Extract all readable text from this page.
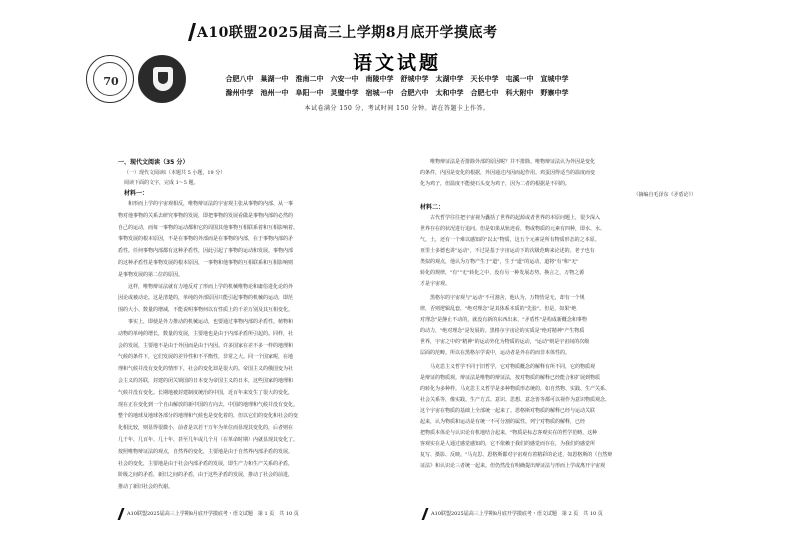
70
A10联盟2025届高三上学期8月底开学摸底考
语文试题
合肥八中　巢湖一中　淮南二中　六安一中　南陵中学　舒城中学　太湖中学　天长中学　屯溪一中　宣城中学
滁州中学　池州一中　阜阳一中　灵璧中学　宿城一中　合肥六中　太和中学　合肥七中　科大附中　野寨中学
本试卷满分 150 分，考试时间 150 分钟。请在答题卡上作答。
一、现代文阅读（35 分）
（一）现代文阅读Ⅰ（本题共 5 小题，19 分）
阅读下面的文字，完成 1～5 题。
材料一：
和形而上学的宇宙观相反，唯物辩证法的宇宙观主张从事物的内部、从一事
物对他事物的关系去研究事物的发展，即把事物的发展看做是事物内部的必然的
自己的运动，而每一事物的运动都和它的周围其他事物互相联系着和互相影响着。
事物发展的根本原因，不是在事物的外部而是在事物的内部，在于事物内部的矛
盾性。任何事物内部都有这种矛盾性，因此引起了事物的运动和发展。事物内部
的这种矛盾性是事物发展的根本原因，一事物和他事物的互相联系和互相影响则
是事物发展的第二位的原因。
这样，唯物辩证法就有力地反对了形而上学的机械唯物论和庸俗进化论的外
因论或被动论。这是清楚的，单纯的外部原因只能引起事物的机械的运动，即范
围的大小、数量的增减，不能说明事物何以有性质上的千差万别及其互相变化。
事实上，即使是外力推动的机械运动，也要通过事物内部的矛盾性。植物和
动物的单纯的增长，数量的发展，主要地也是由于内部矛盾所引起的。同样，社
会的发展，主要地不是由于外因而是由于内因。许多国家在差不多一样的地理和
气候的条件下，它们发展的差异性和不平衡性，非常之大。同一个国家呢，在地
理和气候并没有变化的情形下，社会的变化却是很大的。帝国主义的俄国变为社
会主义的苏联，封建的闭关锁国的日本变为帝国主义的日本，这些国家的地理和
气候并没有变化。长期地被封建制度统治的中国，近百年来发生了很大的变化，
现在正在变化到一个自由解放的新中国的方向去，中国的地理和气候并没有变化。
整个的地球及地球各部分的地理和气候也是变化着的，但以它们的变化和社会的变
化相比较，则显得很微小，前者是以若干万年为单位而显现其变化的，后者则在
几千年、几百年、几十年、甚至几年或几个月（在革命时期）内就显现其变化了。
按照唯物辩证法的观点，自然界的变化，主要地是由于自然界内部矛盾的发展。
社会的变化，主要地是由于社会内部矛盾的发展，即生产力和生产关系的矛盾，
阶级之间的矛盾，新旧之间的矛盾，由于这些矛盾的发展，推动了社会的前进，
推动了新旧社会的代谢。
唯物辩证法是否排除外部的原因呢？并不排除。唯物辩证法认为外因是变化
的条件，内因是变化的根据，外因通过内因而起作用。鸡蛋因得适当的温度而变
化为鸡子，但温度不能使石头变为鸡子，因为二者的根据是不同的。
（摘编自毛泽东《矛盾论》）
材料二：
古代哲学往往把宇宙视为囊括了世界的起源或者世界的本原问题上，很少深入
世界存在的状况进行追问。但是如果从轨迹看，物或物质的元素有四种，即水、水、
气、土，还有一个难以感知的"以太"物质，这五个元素是所有物质形态的之本原。
亚里士多德也讲"运动"，不过是基于宇宙运动下的次级范畴来论述的。老子也有
类似的观点，他认为万物产生于"道"，生于"道"的运动，道将"有"和"无"
转化的规律，"有""无"转化之中，没有另一种发展态势。换言之，万物之源
才是宇宙观。
黑格尔的宇宙观与"运动"不可割舍，他认为，万物皆是无，却有一个规
律，否则逻辑乱套，"绝对理念"是其体系本质的"先验"。但是，如果"绝
对理念"是静止不动的，就没有新的东西出来，"矛盾性"是构成新概念和事物
的动力，"绝对理念"是发展的。黑格尔宇宙论的实质是"绝对精神"产生物质
世界，宇宙之中的"精神"的运动外化为物质的运动，"运动"则是宇宙间的次级
层面的范畴。所以在黑格尔学说中，运动者是外在的而非本体性的。
马克思主义哲学不同于旧哲学，它对物质概念的解释有所不同，它的物质观
是辩证的物质观。辩证法是唯物的辩证法，按对物质的解释已经能合和扩展到物质
的转化为多种样。马克思主义哲学是多种物质形态统的，如自然物、实践、生产关系、
社会关系等，像实践、生产方式、意识、思想、意念皆等都可以视作为意识物质观念，
这个宇宙在物质的基础上全部统一起来了。恩格斯对物质的解释已经与运动关联
起来，认为物质和运动是有统一不可分割的属性。列宁对物质的解释，已经
把物质本体论与认识论有机地结合起来，"物质是标志客观实在的哲学范畴，这种
客观实在是人通过感觉感知的，它不依赖于我们的感觉而存在，为我们的感觉所
复写、摄影、反映。"马克思、恩格斯都对宇宙观有着精彩的论述，如恩格斯的《自然辩
证法》和认识论三者统一起来。但仍然没有明确提出辩证法与形而上学或离开宇宙观
A10联盟2025届高三上学期8月底开学摸底考・语文试题　第 1 页　共 10 页	A10联盟2025届高三上学期8月底开学摸底考・语文试题　第 2 页　共 10 页
